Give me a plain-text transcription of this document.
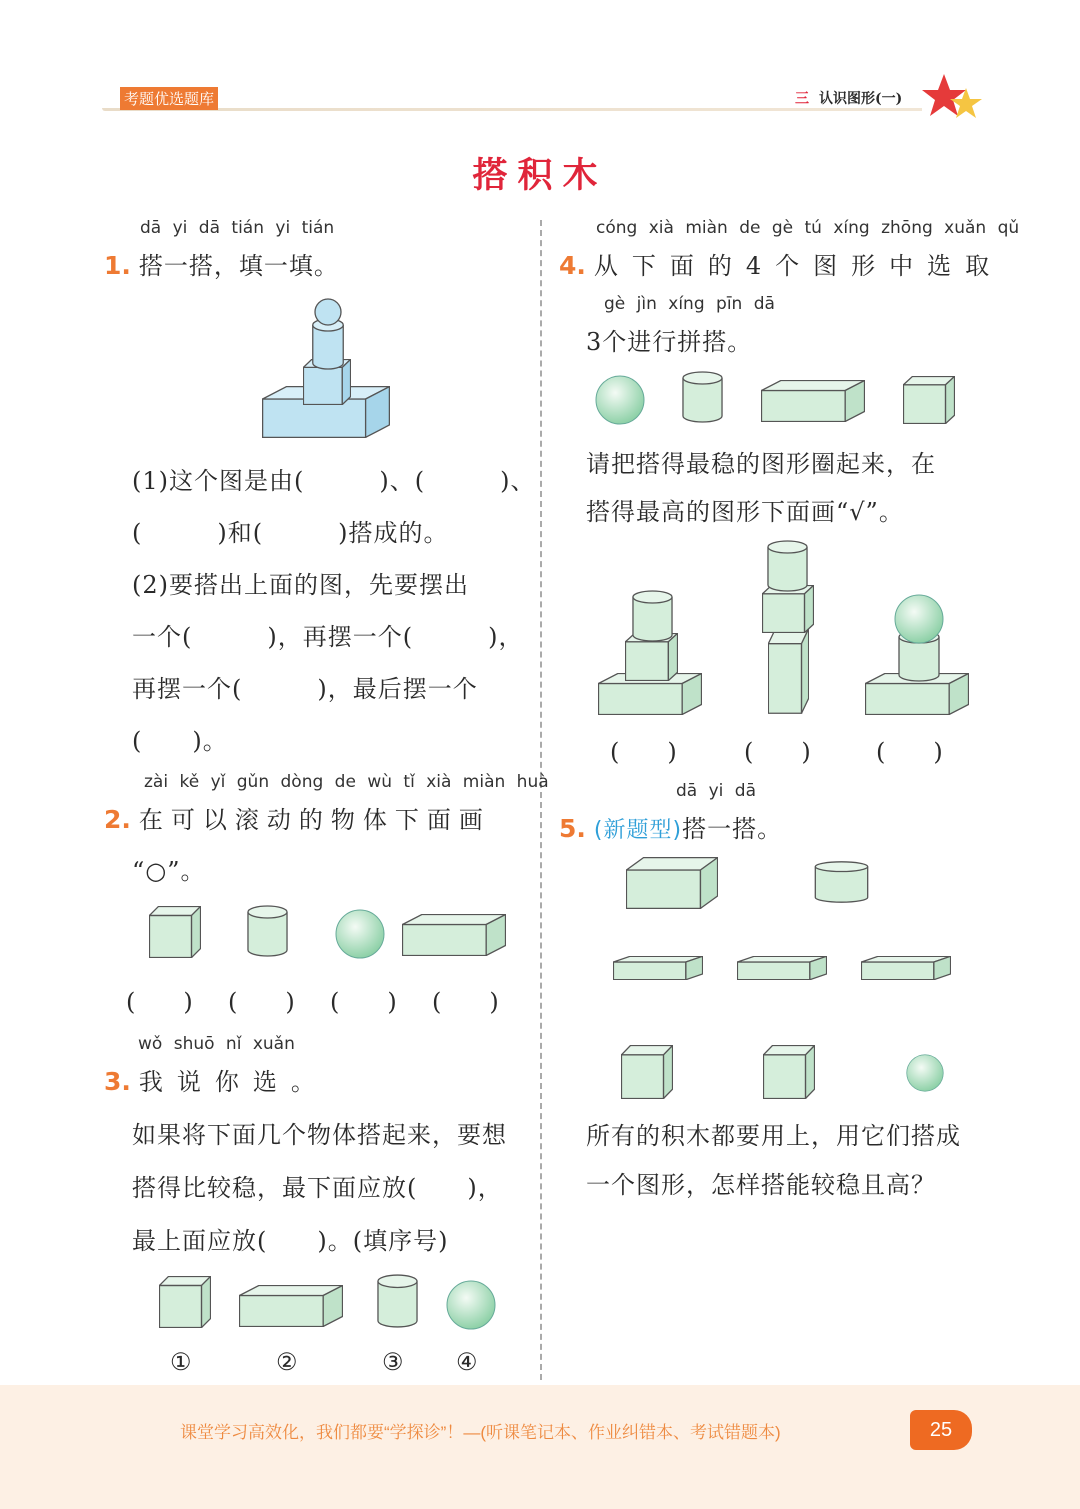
考题优选题库	三 认识图形(一)
搭积木
dā yi dā tián yi tián
1. 搭一搭，填一填。
(1)这个图是由(　　　)、(　　　)、
(　　　)和(　　　)搭成的。
(2)要搭出上面的图，先要摆出
一个(　　　)，再摆一个(　　　)，
再摆一个(　　　)，最后摆一个
(　　)。
zài kě yǐ gǔn dòng de wù tǐ xià miàn huà
2. 在可以滚动的物体下面画
“○”。
(　　) (　　) (　　) (　　)
wǒ shuō nǐ xuǎn
3. 我说你选。
如果将下面几个物体搭起来，要想
搭得比较稳，最下面应放(　　)，
最上面应放(　　)。(填序号)
①	②	③ ④
cóng xià miàn de gè tú xíng zhōng xuǎn qǔ
4. 从下面的4个图形中选取
gè jìn xíng pīn dā
3个进行拼搭。
请把搭得最稳的图形圈起来，在
搭得最高的图形下面画“√”。
(　　)	(　　)	(　　)
dā yi dā
5. (新题型)搭一搭。
所有的积木都要用上，用它们搭成
一个图形，怎样搭能较稳且高？
课堂学习高效化，我们都要“学探诊”！—(听课笔记本、作业纠错本、考试错题本)	25
